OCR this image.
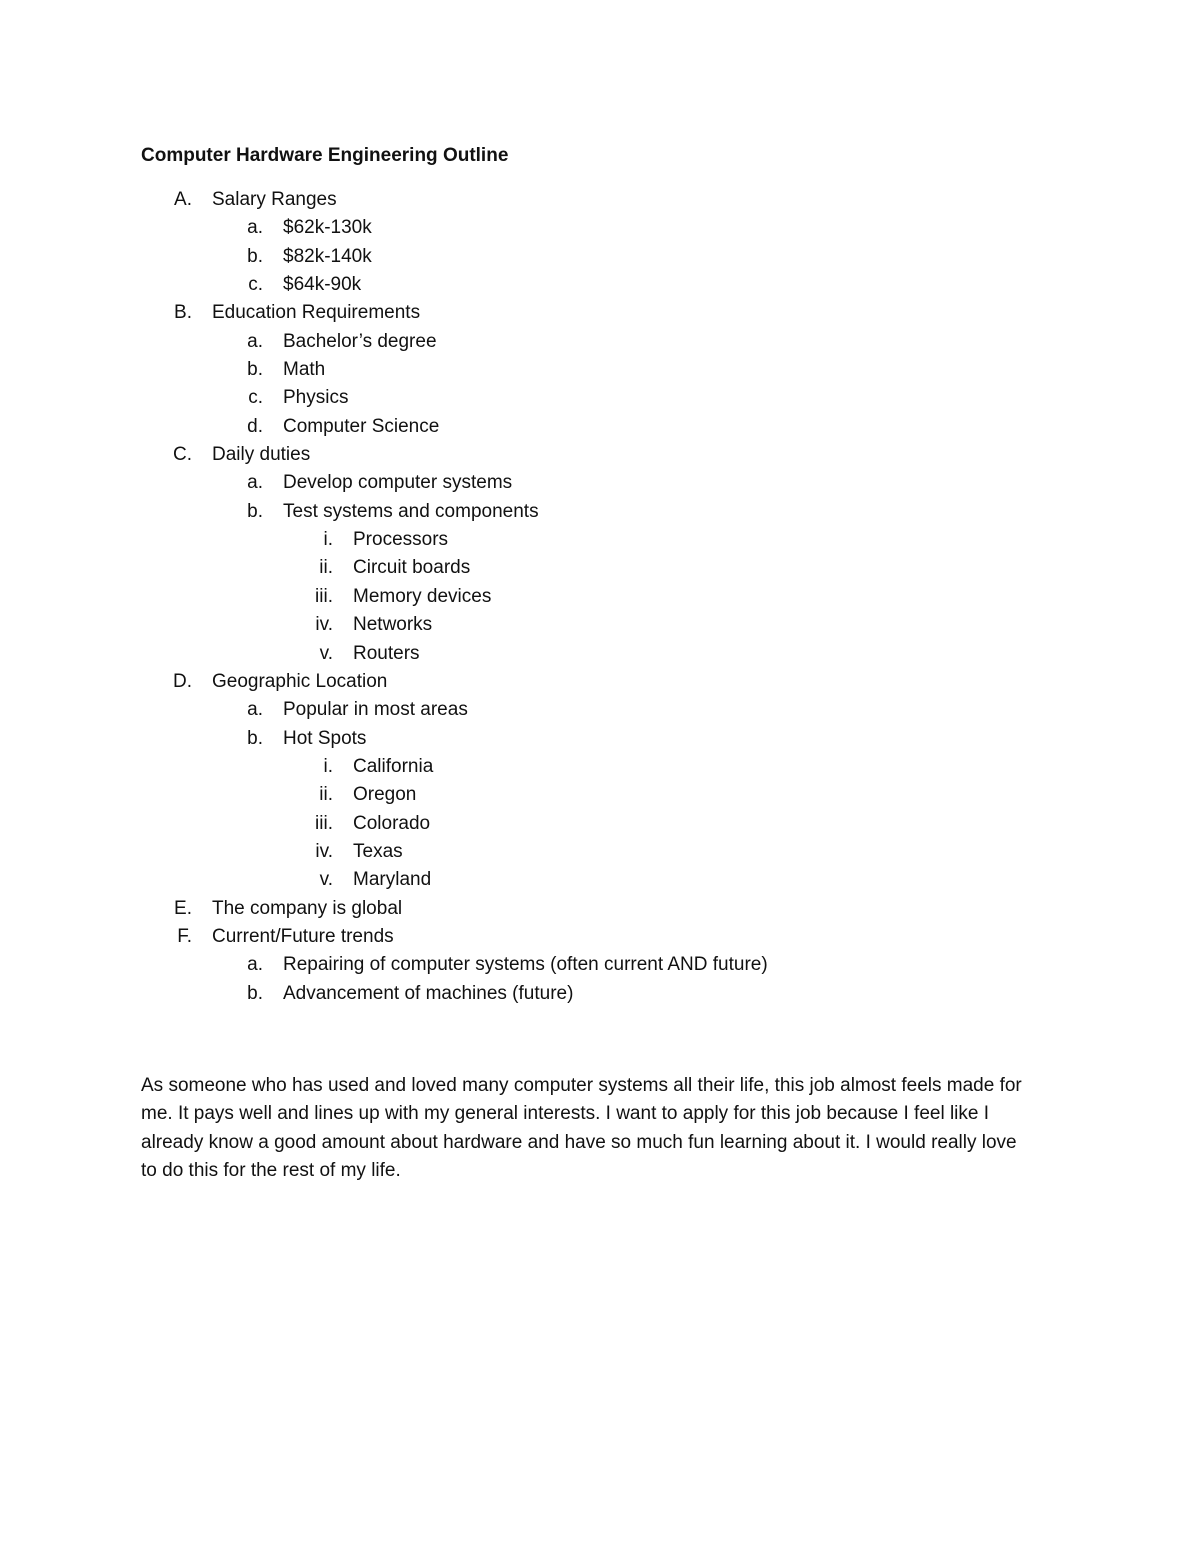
Computer Hardware Engineering Outline
A. Salary Ranges
a. $62k-130k
b. $82k-140k
c. $64k-90k
B. Education Requirements
a. Bachelor’s degree
b. Math
c. Physics
d. Computer Science
C. Daily duties
a. Develop computer systems
b. Test systems and components
i. Processors
ii. Circuit boards
iii. Memory devices
iv. Networks
v. Routers
D. Geographic Location
a. Popular in most areas
b. Hot Spots
i. California
ii. Oregon
iii. Colorado
iv. Texas
v. Maryland
E. The company is global
F. Current/Future trends
a. Repairing of computer systems (often current AND future)
b. Advancement of machines (future)

As someone who has used and loved many computer systems all their life, this job almost feels made for
me. It pays well and lines up with my general interests. I want to apply for this job because I feel like I
already know a good amount about hardware and have so much fun learning about it. I would really love
to do this for the rest of my life.
